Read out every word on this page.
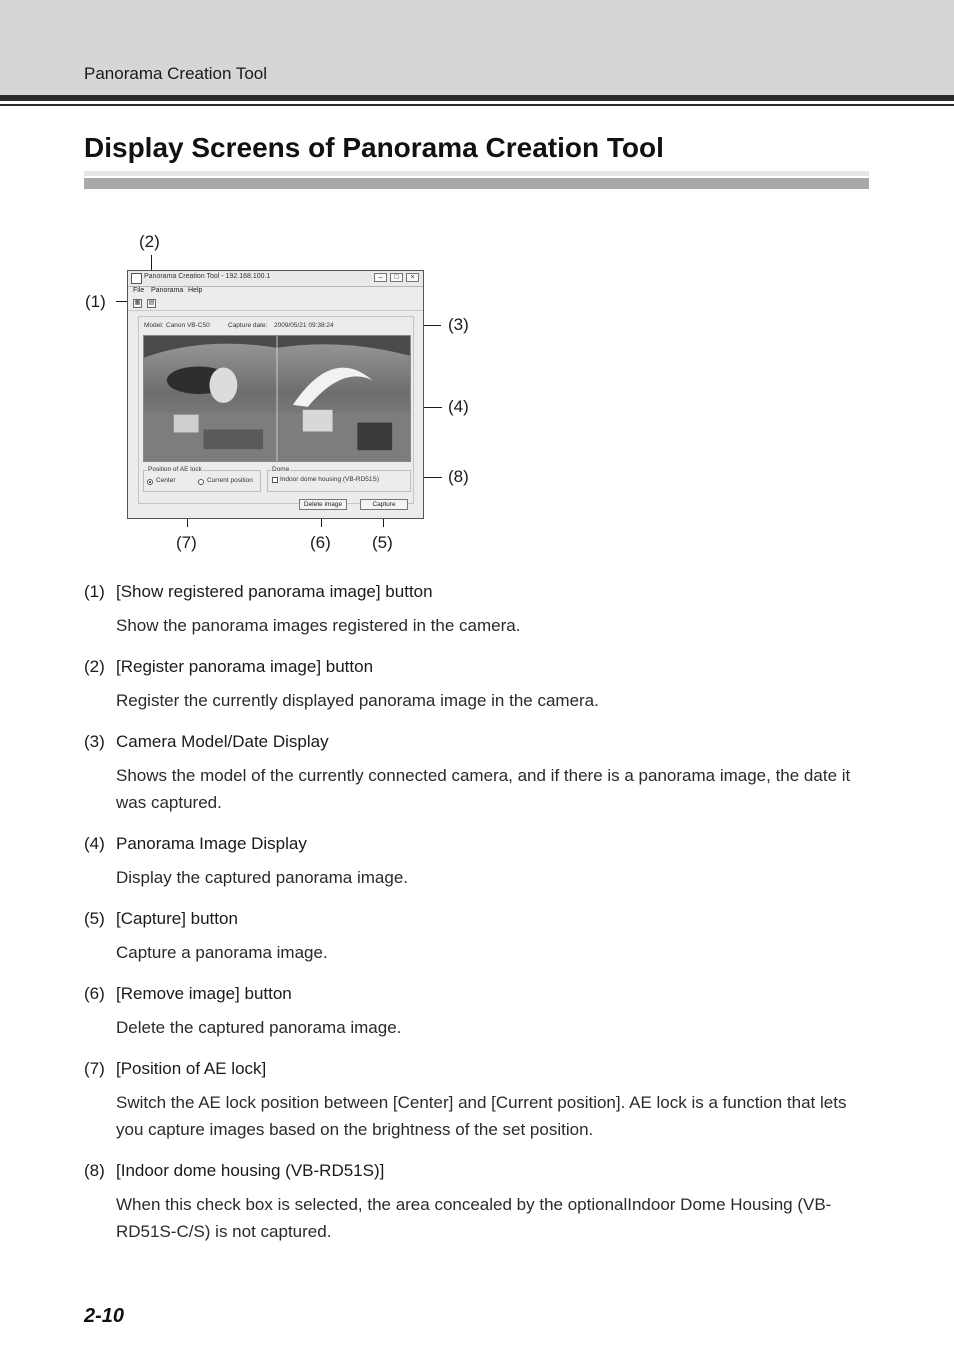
Panorama Creation Tool
Display Screens of Panorama Creation Tool
(2)
(1)
(3)
(4)
(8)
(7)	(6) (5)
Panorama Creation Tool - 192.168.100.1	–	□	×
File Panorama Help
▦ ▤
Model: Canon VB-C50	Capture date: 2009/05/21 09:38:24
Position of AE lock
Center	Current position
Dome
Indoor dome housing (VB-RD51S)
Delete image	Capture
(1) [Show registered panorama image] button
Show the panorama images registered in the camera.
(2) [Register panorama image] button
Register the currently displayed panorama image in the camera.
(3) Camera Model/Date Display
Shows the model of the currently connected camera, and if there is a panorama image, the date it was captured.
(4) Panorama Image Display
Display the captured panorama image.
(5) [Capture] button
Capture a panorama image.
(6) [Remove image] button
Delete the captured panorama image.
(7) [Position of AE lock]
Switch the AE lock position between [Center] and [Current position]. AE lock is a function that lets you capture images based on the brightness of the set position.
(8) [Indoor dome housing (VB-RD51S)]
When this check box is selected, the area concealed by the optionalIndoor Dome Housing (VB-RD51S-C/S) is not captured.
2-10
